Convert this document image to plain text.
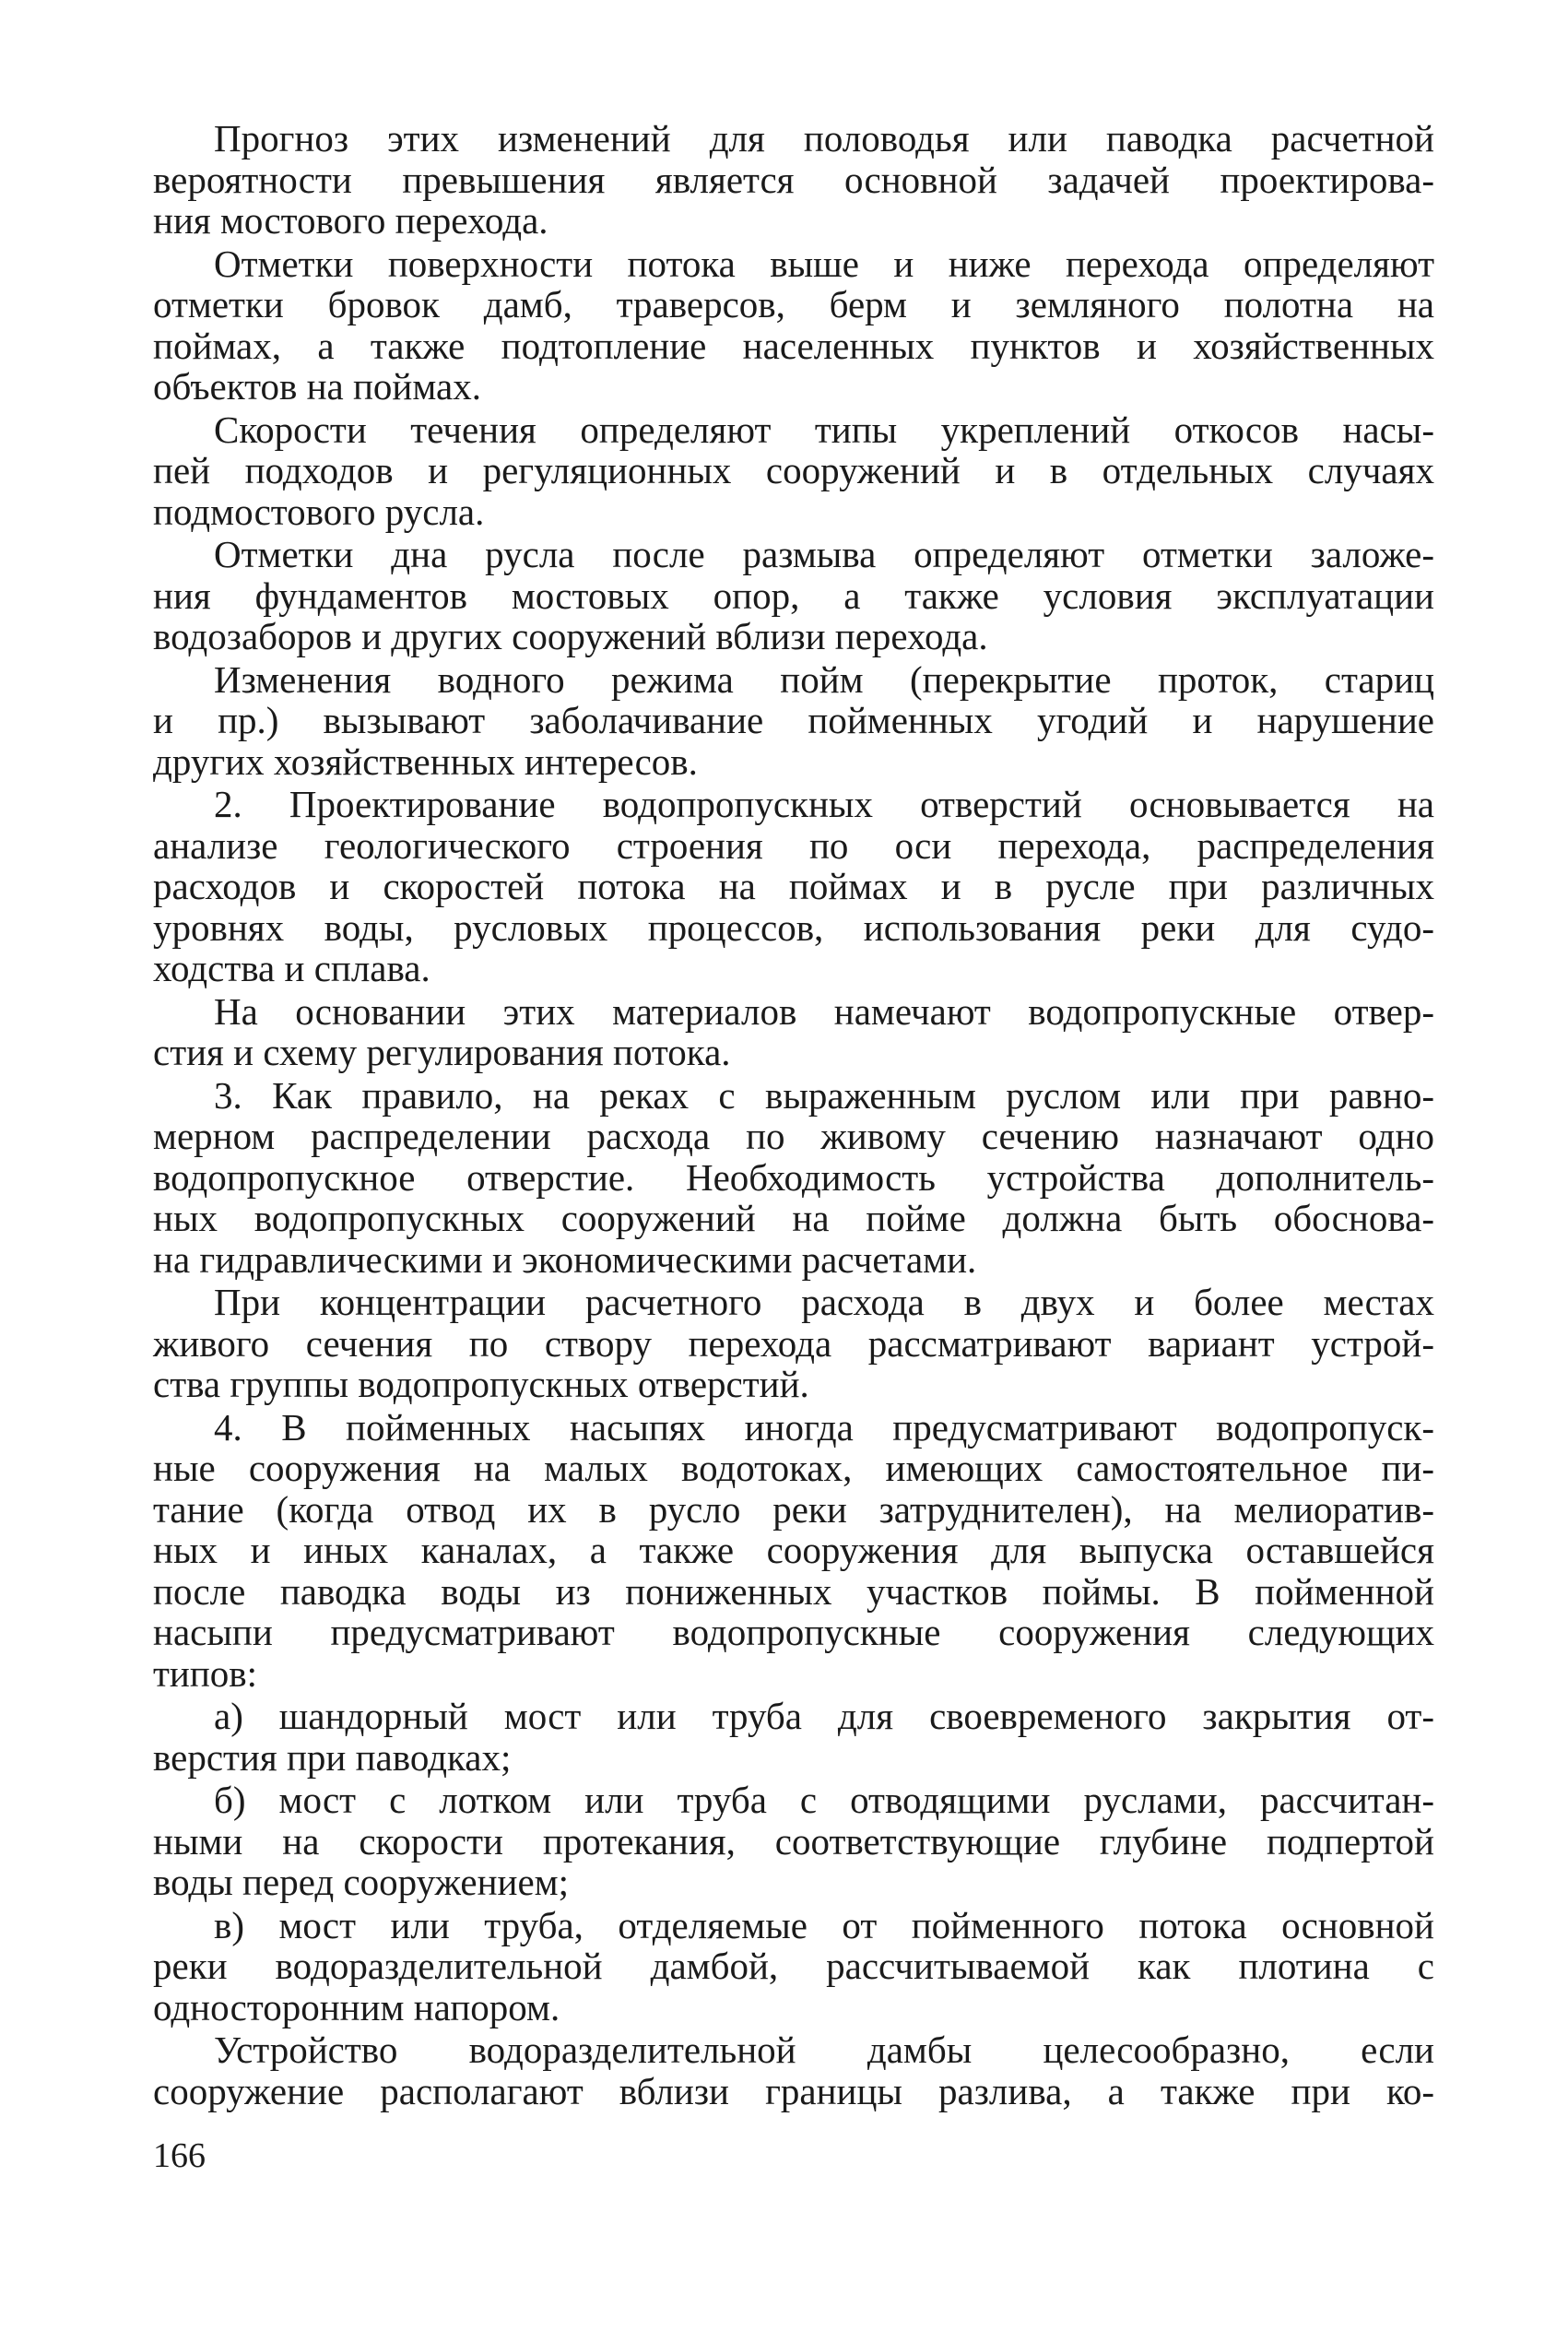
Прогноз этих изменений для половодья или паводка расчетной
вероятности превышения является основной задачей проектирова-
ния мостового перехода.
Отметки поверхности потока выше и ниже перехода определяют
отметки бровок дамб, траверсов, берм и земляного полотна на
поймах, а также подтопление населенных пунктов и хозяйственных
объектов на поймах.
Скорости течения определяют типы укреплений откосов насы-
пей подходов и регуляционных сооружений и в отдельных случаях
подмостового русла.
Отметки дна русла после размыва определяют отметки заложе-
ния фундаментов мостовых опор, а также условия эксплуатации
водозаборов и других сооружений вблизи перехода.
Изменения водного режима пойм (перекрытие проток, стариц
и пр.) вызывают заболачивание пойменных угодий и нарушение
других хозяйственных интересов.
2. Проектирование водопропускных отверстий основывается на
анализе геологического строения по оси перехода, распределения
расходов и скоростей потока на поймах и в русле при различных
уровнях воды, русловых процессов, использования реки для судо-
ходства и сплава.
На основании этих материалов намечают водопропускные отвер-
стия и схему регулирования потока.
3. Как правило, на реках с выраженным руслом или при равно-
мерном распределении расхода по живому сечению назначают одно
водопропускное отверстие. Необходимость устройства дополнитель-
ных водопропускных сооружений на пойме должна быть обоснова-
на гидравлическими и экономическими расчетами.
При концентрации расчетного расхода в двух и более местах
живого сечения по створу перехода рассматривают вариант устрой-
ства группы водопропускных отверстий.
4. В пойменных насыпях иногда предусматривают водопропуск-
ные сооружения на малых водотоках, имеющих самостоятельное пи-
тание (когда отвод их в русло реки затруднителен), на мелиоратив-
ных и иных каналах, а также сооружения для выпуска оставшейся
после паводка воды из пониженных участков поймы. В пойменной
насыпи предусматривают водопропускные сооружения следующих
типов:
а) шандорный мост или труба для своевременого закрытия от-
верстия при паводках;
б) мост с лотком или труба с отводящими руслами, рассчитан-
ными на скорости протекания, соответствующие глубине подпертой
воды перед сооружением;
в) мост или труба, отделяемые от пойменного потока основной
реки водоразделительной дамбой, рассчитываемой как плотина с
односторонним напором.
Устройство водоразделительной дамбы целесообразно, если
сооружение располагают вблизи границы разлива, а также при ко-
166
